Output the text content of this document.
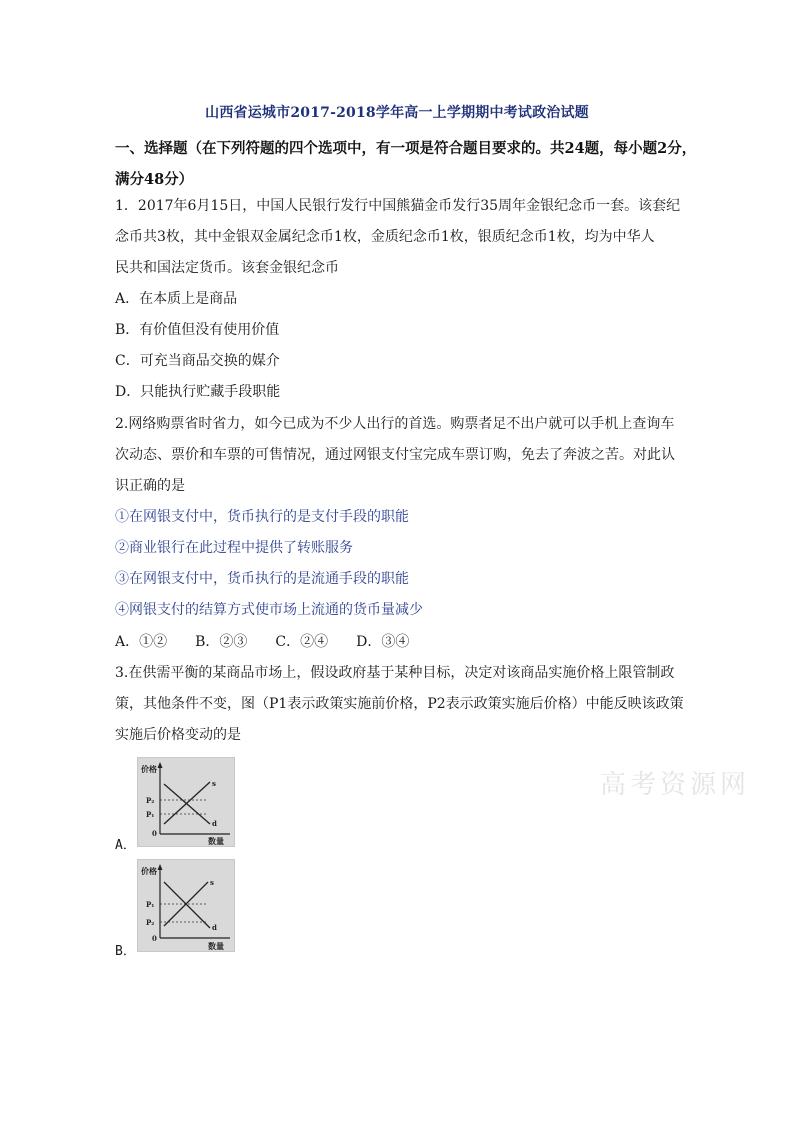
山西省运城市2017-2018学年高一上学期期中考试政治试题
一、选择题（在下列符题的四个选项中，有一项是符合题目要求的。共24题，每小题2分，
满分48分）
1．2017年6月15日，中国人民银行发行中国熊猫金币发行35周年金银纪念币一套。该套纪
念币共3枚，其中金银双金属纪念币1枚，金质纪念币1枚，银质纪念币1枚，均为中华人
民共和国法定货币。该套金银纪念币
A．在本质上是商品
B．有价值但没有使用价值
C．可充当商品交换的媒介
D．只能执行贮藏手段职能
2.网络购票省时省力，如今已成为不少人出行的首选。购票者足不出户就可以手机上查询车
次动态、票价和车票的可售情况，通过网银支付宝完成车票订购，免去了奔波之苦。对此认
识正确的是
①在网银支付中，货币执行的是支付手段的职能
②商业银行在此过程中提供了转账服务
③在网银支付中，货币执行的是流通手段的职能
④网银支付的结算方式使市场上流通的货币量减少
A．①②　　B．②③　　C．②④　　D．③④
3.在供需平衡的某商品市场上，假设政府基于某种目标，决定对该商品实施价格上限管制政
策，其他条件不变，图（P1表示政策实施前价格，P2表示政策实施后价格）中能反映该政策
实施后价格变动的是
价格
P₂
P₁
0
s
d
数量
A．
高考资源网
价格
P₁
P₂
0
s
d
数量
B．
